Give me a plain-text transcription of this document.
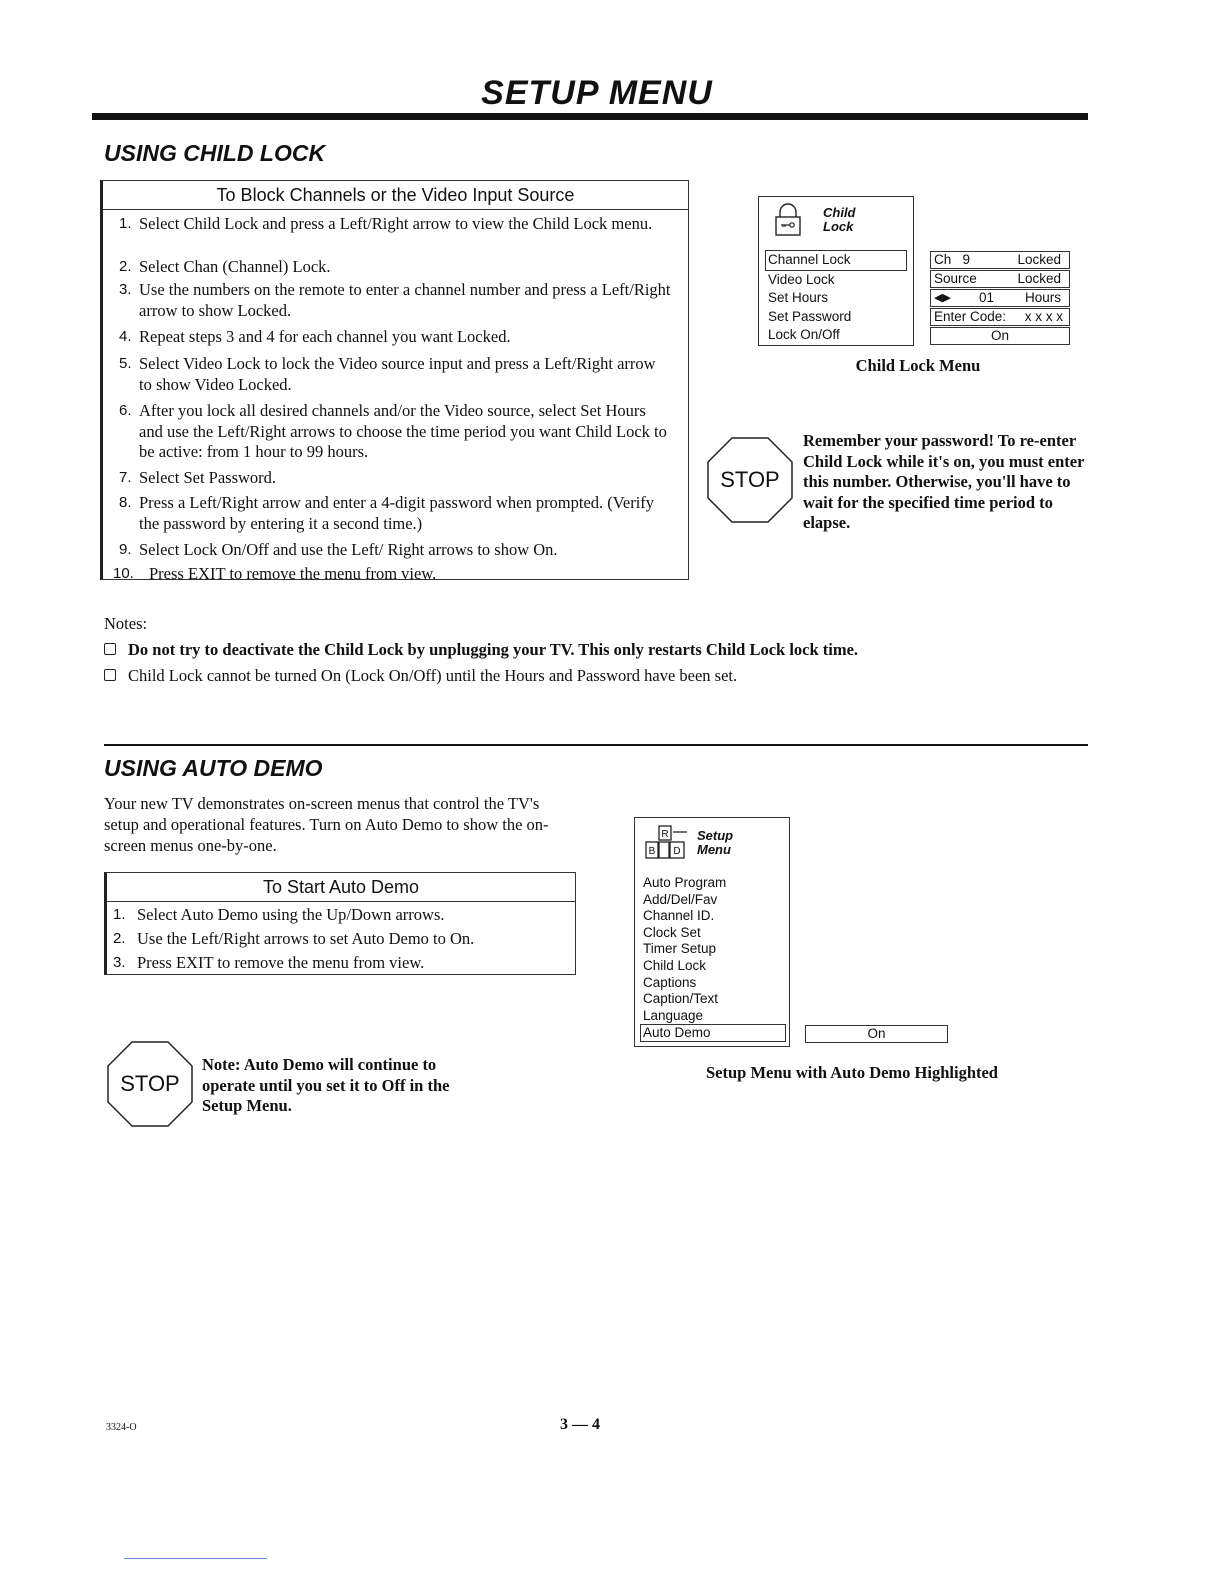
SETUP MENU
USING CHILD LOCK
To Block Channels or the Video Input Source
1. Select Child Lock and press a Left/Right arrow to view the Child Lock menu.
2. Select Chan (Channel) Lock.
3. Use the numbers on the remote to enter a channel number and press a Left/Right arrow to show Locked.
4. Repeat steps 3 and 4 for each channel you want Locked.
5. Select Video Lock to lock the Video source input and press a Left/Right arrow to show Video Locked.
6. After you lock all desired channels and/or the Video source, select Set Hours and use the Left/Right arrows to choose the time period you want Child Lock to be active: from 1 hour to 99 hours.
7. Select Set Password.
8. Press a Left/Right arrow and enter a 4-digit password when prompted. (Verify the password by entering it a second time.)
9. Select Lock On/Off and use the Left/ Right arrows to show On.
10. Press EXIT to remove the menu from view.
Child
Lock
Channel Lock
Video Lock
Set Hours
Set Password
Lock On/Off
Ch   9	Locked
Source	Locked
◀▶ 01 Hours
Enter Code: x x x x
On
Child Lock Menu
STOP
Remember your password! To re-enter Child Lock while it's on, you must enter this number. Otherwise, you'll have to wait for the specified time period to elapse.
Notes:
Do not try to deactivate the Child Lock by unplugging your TV. This only restarts Child Lock lock time.
Child Lock cannot be turned On (Lock On/Off) until the Hours and Password have been set.
USING AUTO DEMO
Your new TV demonstrates on-screen menus that control the TV's setup and operational features. Turn on Auto Demo to show the on-screen menus one-by-one.
To Start Auto Demo
1. Select Auto Demo using the Up/Down arrows.
2. Use the Left/Right arrows to set Auto Demo to On.
3. Press EXIT to remove the menu from view.
R
B D
Setup
Menu
Auto Program
Add/Del/Fav
Channel ID.
Clock Set
Timer Setup
Child Lock
Captions
Caption/Text
Language
Auto Demo	On
Setup Menu with Auto Demo Highlighted
STOP
Note: Auto Demo will continue to operate until you set it to Off in the Setup Menu.
3324-O	3 — 4
